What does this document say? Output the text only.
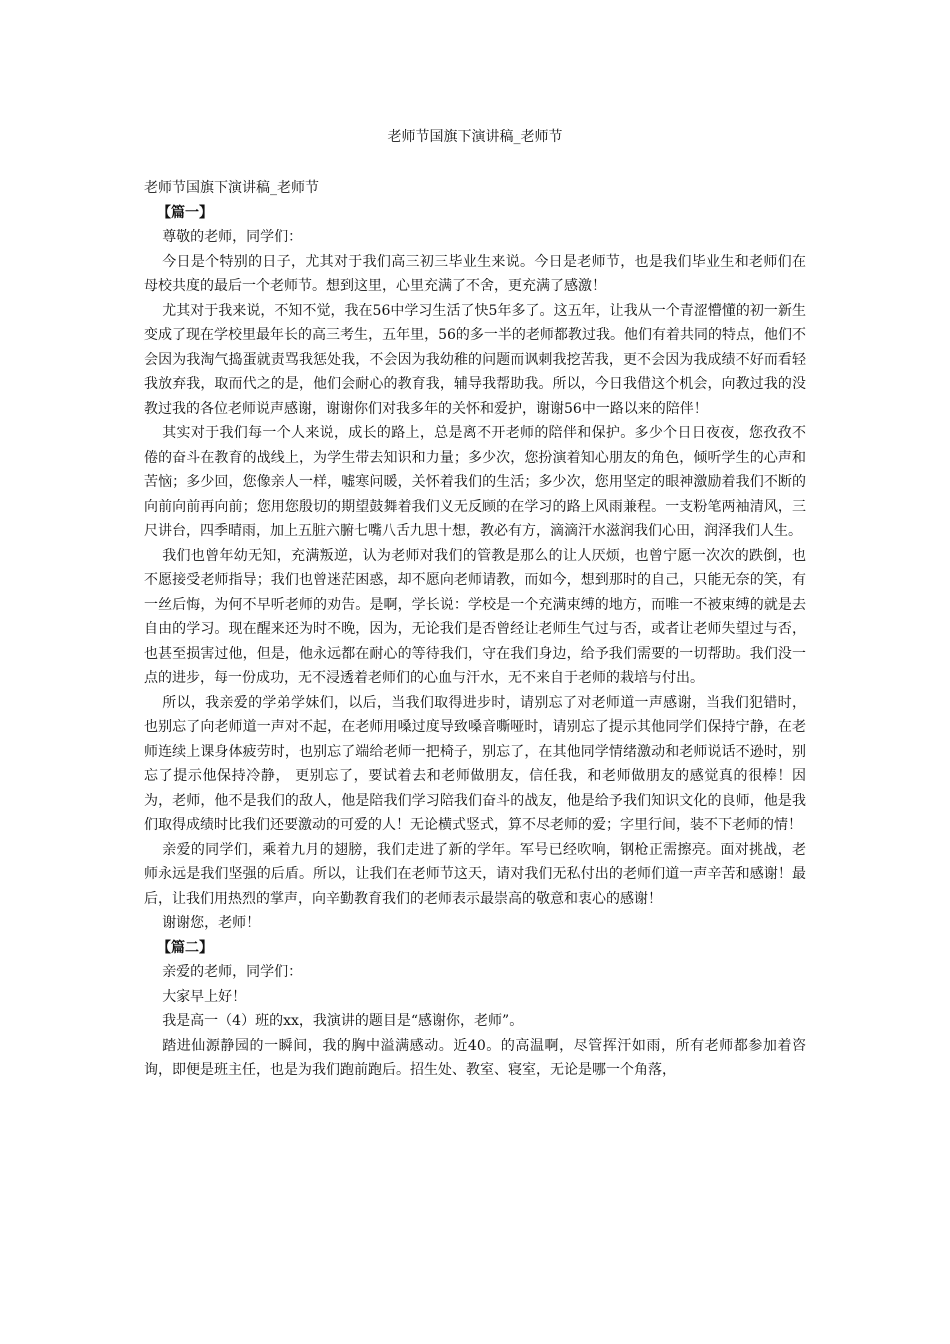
老师节国旗下演讲稿_老师节

老师节国旗下演讲稿_老师节

【篇一】

尊敬的老师，同学们：

今日是个特别的日子，尤其对于我们高三初三毕业生来说。今日是老师节，也是我们毕业生和老师们在母校共度的最后一个老师节。想到这里，心里充满了不舍，更充满了感激！

尤其对于我来说，不知不觉，我在56中学习生活了快5年多了。这五年，让我从一个青涩懵懂的初一新生变成了现在学校里最年长的高三考生，五年里，56的多一半的老师都教过我。他们有着共同的特点，他们不会因为我淘气捣蛋就责骂我惩处我，不会因为我幼稚的问题而讽刺我挖苦我，更不会因为我成绩不好而看轻我放弃我，取而代之的是，他们会耐心的教育我，辅导我帮助我。所以，今日我借这个机会，向教过我的没教过我的各位老师说声感谢，谢谢你们对我多年的关怀和爱护，谢谢56中一路以来的陪伴！

其实对于我们每一个人来说，成长的路上，总是离不开老师的陪伴和保护。多少个日日夜夜，您孜孜不倦的奋斗在教育的战线上，为学生带去知识和力量；多少次，您扮演着知心朋友的角色，倾听学生的心声和苦恼；多少回，您像亲人一样，嘘寒问暖，关怀着我们的生活；多少次，您用坚定的眼神激励着我们不断的向前向前再向前；您用您殷切的期望鼓舞着我们义无反顾的在学习的路上风雨兼程。一支粉笔两袖清风，三尺讲台，四季晴雨，加上五脏六腑七嘴八舌九思十想，教必有方，滴滴汗水滋润我们心田，润泽我们人生。

我们也曾年幼无知，充满叛逆，认为老师对我们的管教是那么的让人厌烦，也曾宁愿一次次的跌倒，也不愿接受老师指导；我们也曾迷茫困惑，却不愿向老师请教，而如今，想到那时的自己，只能无奈的笑，有一丝后悔，为何不早听老师的劝告。是啊，学长说：学校是一个充满束缚的地方，而唯一不被束缚的就是去自由的学习。现在醒来还为时不晚，因为，无论我们是否曾经让老师生气过与否，或者让老师失望过与否，也甚至损害过他，但是，他永远都在耐心的等待我们，守在我们身边，给予我们需要的一切帮助。我们没一点的进步，每一份成功，无不浸透着老师们的心血与汗水，无不来自于老师的栽培与付出。

所以，我亲爱的学弟学妹们，以后，当我们取得进步时，请别忘了对老师道一声感谢，当我们犯错时，也别忘了向老师道一声对不起，在老师用嗓过度导致嗓音嘶哑时，请别忘了提示其他同学们保持宁静，在老师连续上课身体疲劳时，也别忘了端给老师一把椅子，别忘了，在其他同学情绪激动和老师说话不逊时，别忘了提示他保持冷静， 更别忘了，要试着去和老师做朋友，信任我，和老师做朋友的感觉真的很棒！因为，老师，他不是我们的敌人，他是陪我们学习陪我们奋斗的战友，他是给予我们知识文化的良师，他是我们取得成绩时比我们还要激动的可爱的人！无论横式竖式，算不尽老师的爱；字里行间，装不下老师的情！

亲爱的同学们，乘着九月的翅膀，我们走进了新的学年。军号已经吹响，钢枪正需擦亮。面对挑战，老师永远是我们坚强的后盾。所以，让我们在老师节这天，请对我们无私付出的老师们道一声辛苦和感谢！最后，让我们用热烈的掌声，向辛勤教育我们的老师表示最崇高的敬意和衷心的感谢！

谢谢您，老师！

【篇二】

亲爱的老师，同学们：

大家早上好！

我是高一（4）班的xx，我演讲的题目是“感谢你，老师”。

踏进仙源静园的一瞬间，我的胸中溢满感动。近40。的高温啊，尽管挥汗如雨，所有老师都参加着咨询，即便是班主任，也是为我们跑前跑后。招生处、教室、寝室，无论是哪一个角落，
